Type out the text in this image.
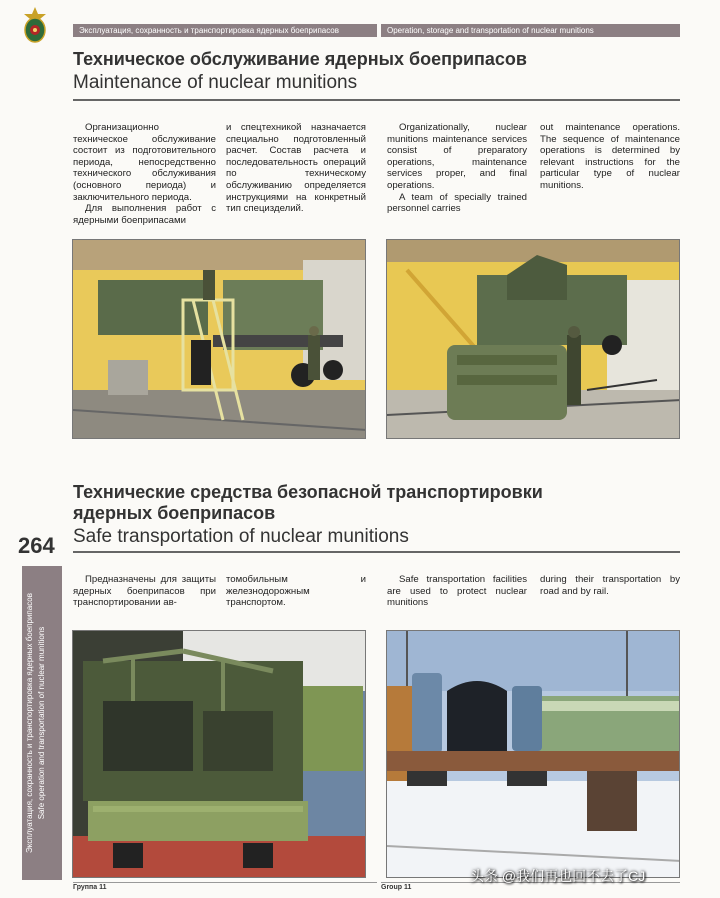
Эксплуатация, сохранность и транспортировка ядерных боеприпасов	Operation, storage and transportation of nuclear munitions
Техническое обслуживание ядерных боеприпасов
Maintenance of nuclear munitions

Организационно техническое обслуживание состоит из подготовительного периода, непосредственно технического обслуживания (основного периода) и заключительного периода.

Для выполнения работ с ядерными боеприпасами

и спецтехникой назначается специально подготовленный расчет. Состав расчета и последовательность операций по техническому обслуживанию определяется инструкциями на конкретный тип специзделий.

Organizationally, nuclear munitions maintenance services consist of preparatory operations, maintenance services proper, and final operations.

A team of specially trained personnel carries

out maintenance operations. The sequence of maintenance operations is determined by relevant instructions for the particular type of nuclear munitions.

Технические средства безопасной транспортировки
ядерных боеприпасов
Safe transportation of nuclear munitions
264
Эксплуатация, сохранность и транспортировка ядерных боеприпасов Safe operation and transportation of nuclear munitions

Предназначены для защиты ядерных боеприпасов при транспортировании ав-

томобильным и железнодорожным транспортом.

Safe transportation facilities are used to protect nuclear munitions

during their transportation by road and by rail.

Группа 11	Group 11
头条 @我们再也回不去了CJ
